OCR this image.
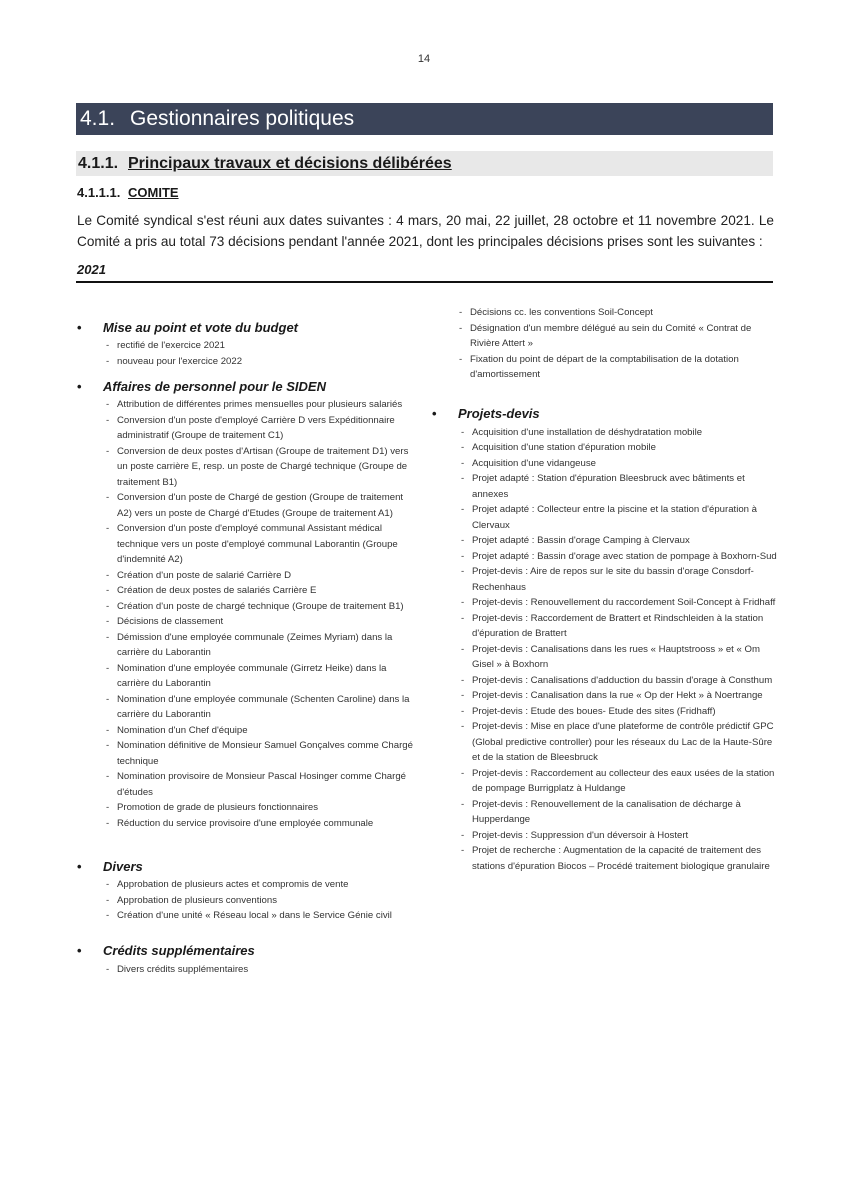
14
4.1. Gestionnaires politiques
4.1.1. Principaux travaux et décisions délibérées
4.1.1.1. COMITE
Le Comité syndical s'est réuni aux dates suivantes : 4 mars, 20 mai, 22 juillet, 28 octobre et 11 novembre 2021. Le Comité a pris au total 73 décisions pendant l'année 2021, dont les principales décisions prises sont les suivantes :
2021
•	Mise au point et vote du budget
- rectifié de l'exercice 2021
- nouveau pour l'exercice 2022
•	Affaires de personnel pour le SIDEN
- Attribution de différentes primes mensuelles pour plusieurs salariés
- Conversion d'un poste d'employé Carrière D vers Expéditionnaire administratif (Groupe de traitement C1)
- Conversion de deux postes d'Artisan (Groupe de traitement D1) vers un poste carrière E, resp. un poste de Chargé technique (Groupe de traitement B1)
- Conversion d'un poste de Chargé de gestion (Groupe de traitement A2) vers un poste de Chargé d'Etudes (Groupe de traitement A1)
- Conversion d'un poste d'employé communal Assistant médical technique vers un poste d'employé communal Laborantin (Groupe d'indemnité A2)
- Création d'un poste de salarié Carrière D
- Création de deux postes de salariés Carrière E
- Création d'un poste de chargé technique (Groupe de traitement B1)
- Décisions de classement
- Démission d'une employée communale (Zeimes Myriam) dans la carrière du Laborantin
- Nomination d'une employée communale (Girretz Heike) dans la carrière du Laborantin
- Nomination d'une employée communale (Schenten Caroline) dans la carrière du Laborantin
- Nomination d'un Chef d'équipe
- Nomination définitive de Monsieur Samuel Gonçalves comme Chargé technique
- Nomination provisoire de Monsieur Pascal Hosinger comme Chargé d'études
- Promotion de grade de plusieurs fonctionnaires
- Réduction du service provisoire d'une employée communale
•	Divers
- Approbation de plusieurs actes et compromis de vente
- Approbation de plusieurs conventions
- Création d'une unité « Réseau local » dans le Service Génie civil
•	Crédits supplémentaires
- Divers crédits supplémentaires
- Décisions cc. les conventions Soil-Concept
- Désignation d'un membre délégué au sein du Comité « Contrat de Rivière Attert »
- Fixation du point de départ de la comptabilisation de la dotation d'amortissement
•	Projets-devis
- Acquisition d'une installation de déshydratation mobile
- Acquisition d'une station d'épuration mobile
- Acquisition d'une vidangeuse
- Projet adapté : Station d'épuration Bleesbruck avec bâtiments et annexes
- Projet adapté : Collecteur entre la piscine et la station d'épuration à Clervaux
- Projet adapté : Bassin d'orage Camping à Clervaux
- Projet adapté : Bassin d'orage avec station de pompage à Boxhorn-Sud
- Projet-devis : Aire de repos sur le site du bassin d'orage Consdorf-Rechenhaus
- Projet-devis : Renouvellement du raccordement Soil-Concept à Fridhaff
- Projet-devis : Raccordement de Brattert et Rindschleiden à la station d'épuration de Brattert
- Projet-devis : Canalisations dans les rues « Hauptstrooss » et « Om Gisel » à Boxhorn
- Projet-devis : Canalisations d'adduction du bassin d'orage à Consthum
- Projet-devis : Canalisation dans la rue « Op der Hekt » à Noertrange
- Projet-devis : Etude des boues- Etude des sites (Fridhaff)
- Projet-devis : Mise en place d'une plateforme de contrôle prédictif GPC (Global predictive controller) pour les réseaux du Lac de la Haute-Sûre et de la station de Bleesbruck
- Projet-devis : Raccordement au collecteur des eaux usées de la station de pompage Burrigplatz à Huldange
- Projet-devis : Renouvellement de la canalisation de décharge à Hupperdange
- Projet-devis : Suppression d'un déversoir à Hostert
- Projet de recherche : Augmentation de la capacité de traitement des stations d'épuration Biocos – Procédé traitement biologique granulaire
